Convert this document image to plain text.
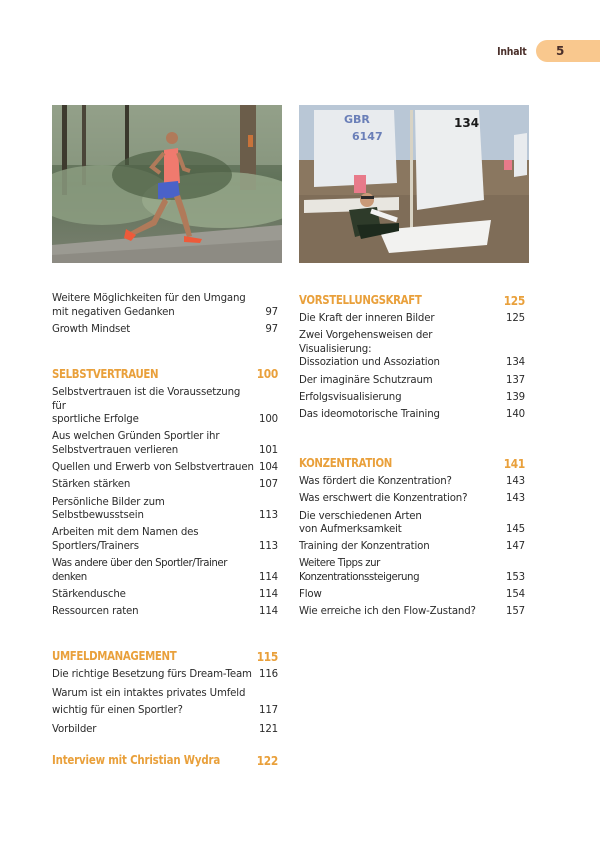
Inhalt	5
GBR
6147
134
Weitere Möglichkeiten für den Umgang
mit negativen Gedanken	97
Growth Mindset	97
SELBSTVERTRAUEN	100
Selbstvertrauen ist die Voraussetzung für
sportliche Erfolge	100
Aus welchen Gründen Sportler ihr
Selbstvertrauen verlieren	101
Quellen und Erwerb von Selbstvertrauen 104
Stärken stärken	107
Persönliche Bilder zum Selbstbewusstsein	113
Arbeiten mit dem Namen des
Sportlers/Trainers	113
Was andere über den Sportler/Trainer denken	114
Stärkendusche	114
Ressourcen raten	114
UMFELDMANAGEMENT	115
Die richtige Besetzung fürs Dream-Team 116
Warum ist ein intaktes privates Umfeld
wichtig für einen Sportler?	117
Vorbilder	121
Interview mit Christian Wydra	122
VORSTELLUNGSKRAFT	125
Die Kraft der inneren Bilder	125
Zwei Vorgehensweisen der Visualisierung:
Dissoziation und Assoziation	134
Der imaginäre Schutzraum	137
Erfolgsvisualisierung	139
Das ideomotorische Training	140
KONZENTRATION	141
Was fördert die Konzentration?	143
Was erschwert die Konzentration?	143
Die verschiedenen Arten
von Aufmerksamkeit	145
Training der Konzentration	147
Weitere Tipps zur Konzentrationssteigerung	153
Flow	154
Wie erreiche ich den Flow-Zustand?	157
